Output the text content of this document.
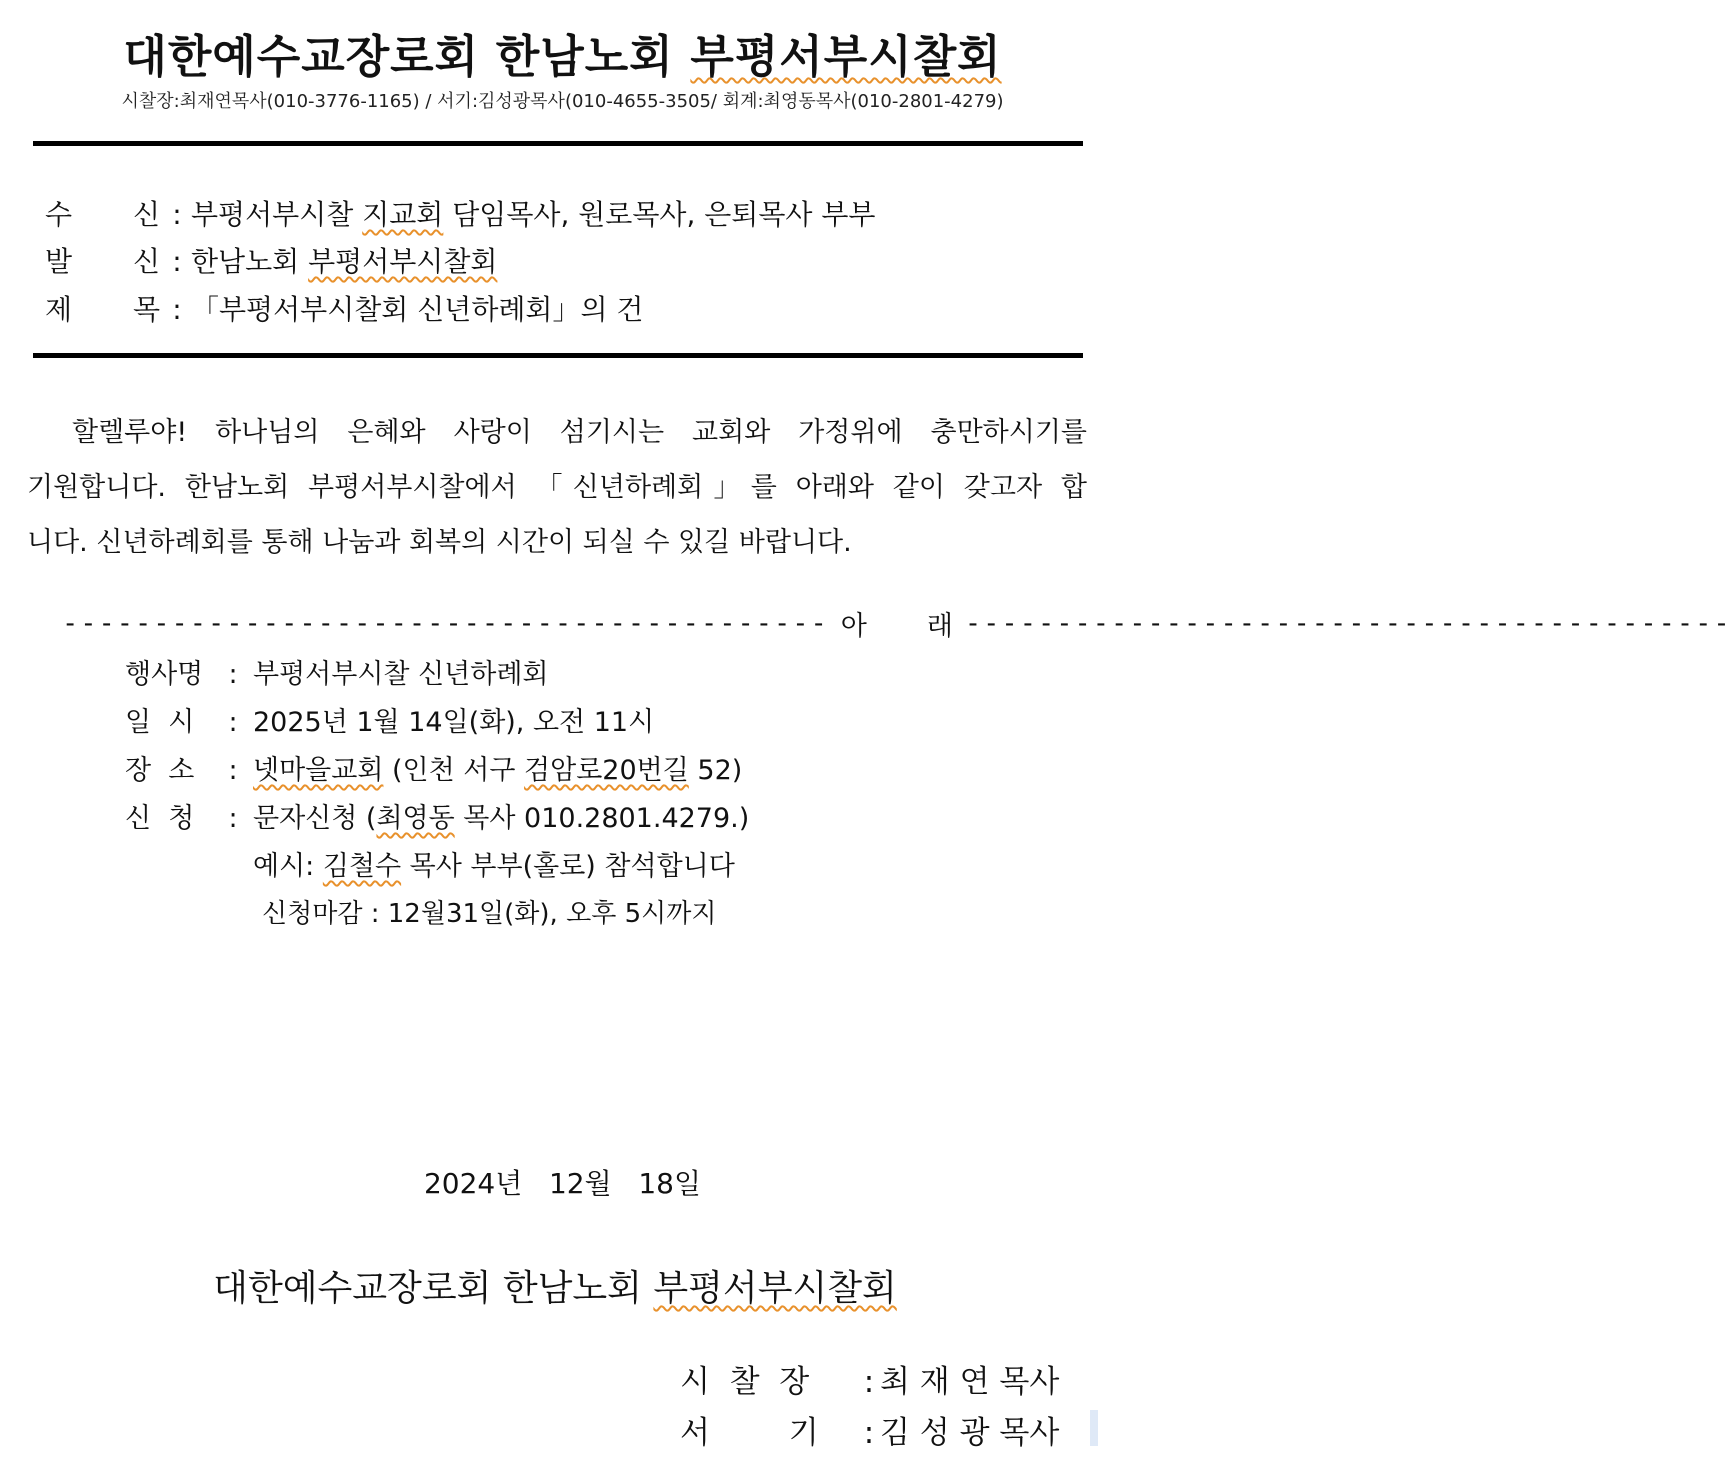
대한예수교장로회 한남노회 부평서부시찰회
시찰장:최재연목사(010-3776-1165) / 서기:김성광목사(010-4655-3505/ 회계:최영동목사(010-2801-4279)
수 신 : 부평서부시찰 지교회 담임목사, 원로목사, 은퇴목사 부부
발 신 : 한남노회 부평서부시찰회
제 목 : 「부평서부시찰회 신년하례회」의 건
할렐루야! 하나님의 은혜와 사랑이 섬기시는 교회와 가정위에 충만하시기를
기원합니다. 한남노회 부평서부시찰에서 「신년하례회」를 아래와 같이 갖고자 합
니다. 신년하례회를 통해 나눔과 회복의 시간이 되실 수 있길 바랍니다.
------------------------------------------ 아 래 ------------------------------------------
행사명 : 부평서부시찰 신년하례회
일  시 : 2025년 1월 14일(화), 오전 11시
장  소 : 넷마을교회 (인천 서구 검암로20번길 52)
신  청 : 문자신청 (최영동 목사 010.2801.4279.)
예시: 김철수 목사 부부(홀로) 참석합니다
신청마감 : 12월31일(화), 오후 5시까지
2024년   12월   18일
대한예수교장로회 한남노회 부평서부시찰회
시  찰  장 : 최 재 연 목사
서        기 : 김 성 광 목사
